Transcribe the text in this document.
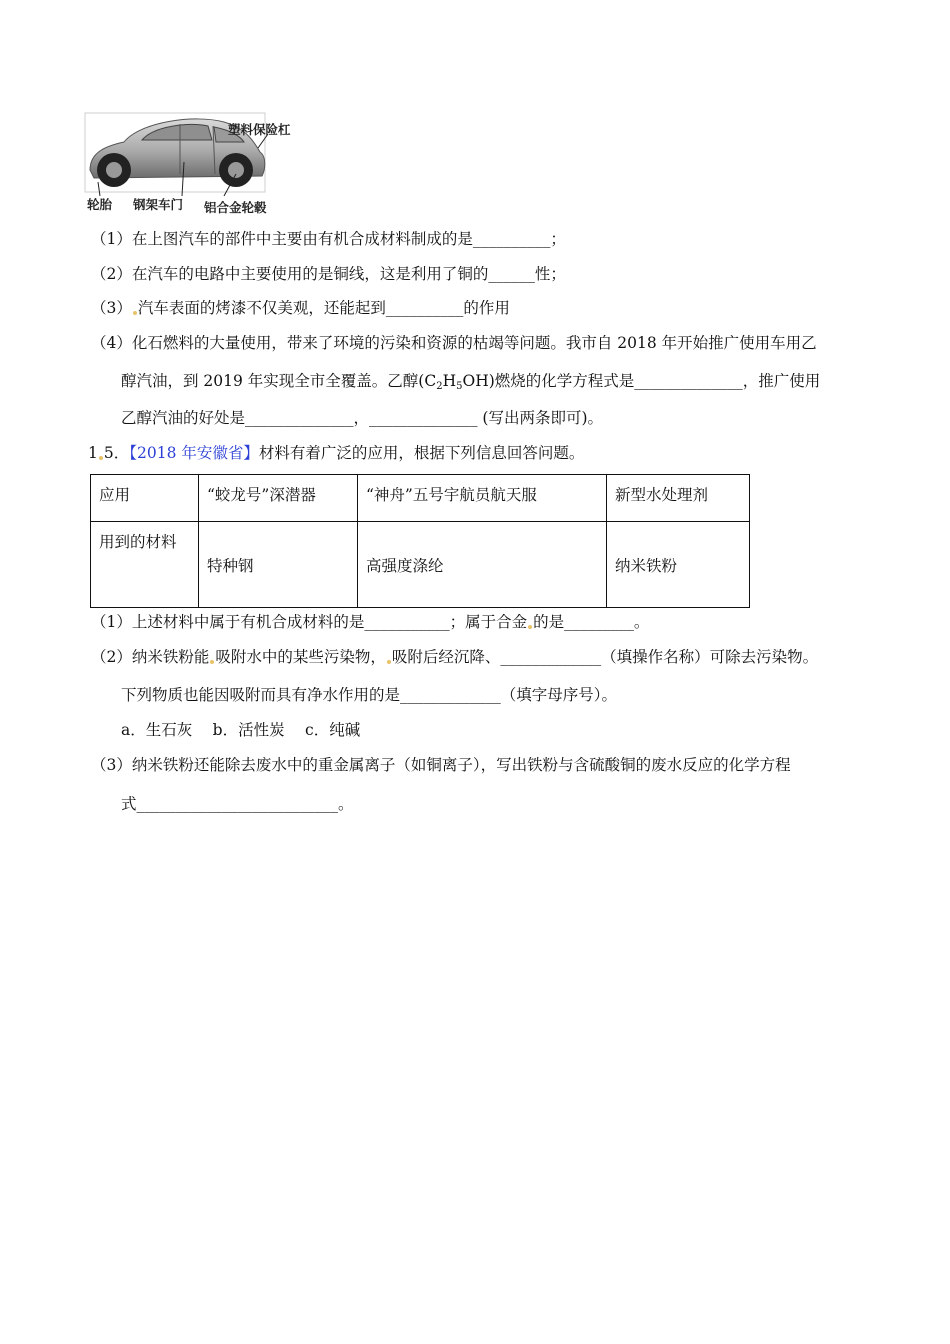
塑料保险杠
轮胎 钢架车门 铝合金轮毂
（1）在上图汽车的部件中主要由有机合成材料制成的是__________；
（2）在汽车的电路中主要使用的是铜线，这是利用了铜的______性；
（3） 汽车表面的烤漆不仅美观，还能起到__________的作用
（4）化石燃料的大量使用，带来了环境的污染和资源的枯竭等问题。我市自 2018 年开始推广使用车用乙
醇汽油，到 2019 年实现全市全覆盖。乙醇$(C_2H_5OH)$燃烧的化学方程式是______________，推广使用
乙醇汽油的好处是______________，______________ (写出两条即可)。
1 5．【2018 年安徽省】材料有着广泛的应用，根据下列信息回答问题。
应用	“蛟龙号”深潜器	“神舟”五号宇航员航天服	新型水处理剂
用到的材料	特种钢	高强度涤纶	纳米铁粉
（1）上述材料中属于有机合成材料的是___________；属于合金 的是_________。
（2）纳米铁粉能 吸附水中的某些污染物， 吸附后经沉降、_____________（填操作名称）可除去污染物。
下列物质也能因吸附而具有净水作用的是_____________（填字母序号）。
a．生石灰　 b．活性炭　 c．纯碱
（3）纳米铁粉还能除去废水中的重金属离子（如铜离子），写出铁粉与含硫酸铜的废水反应的化学方程
式__________________________。
